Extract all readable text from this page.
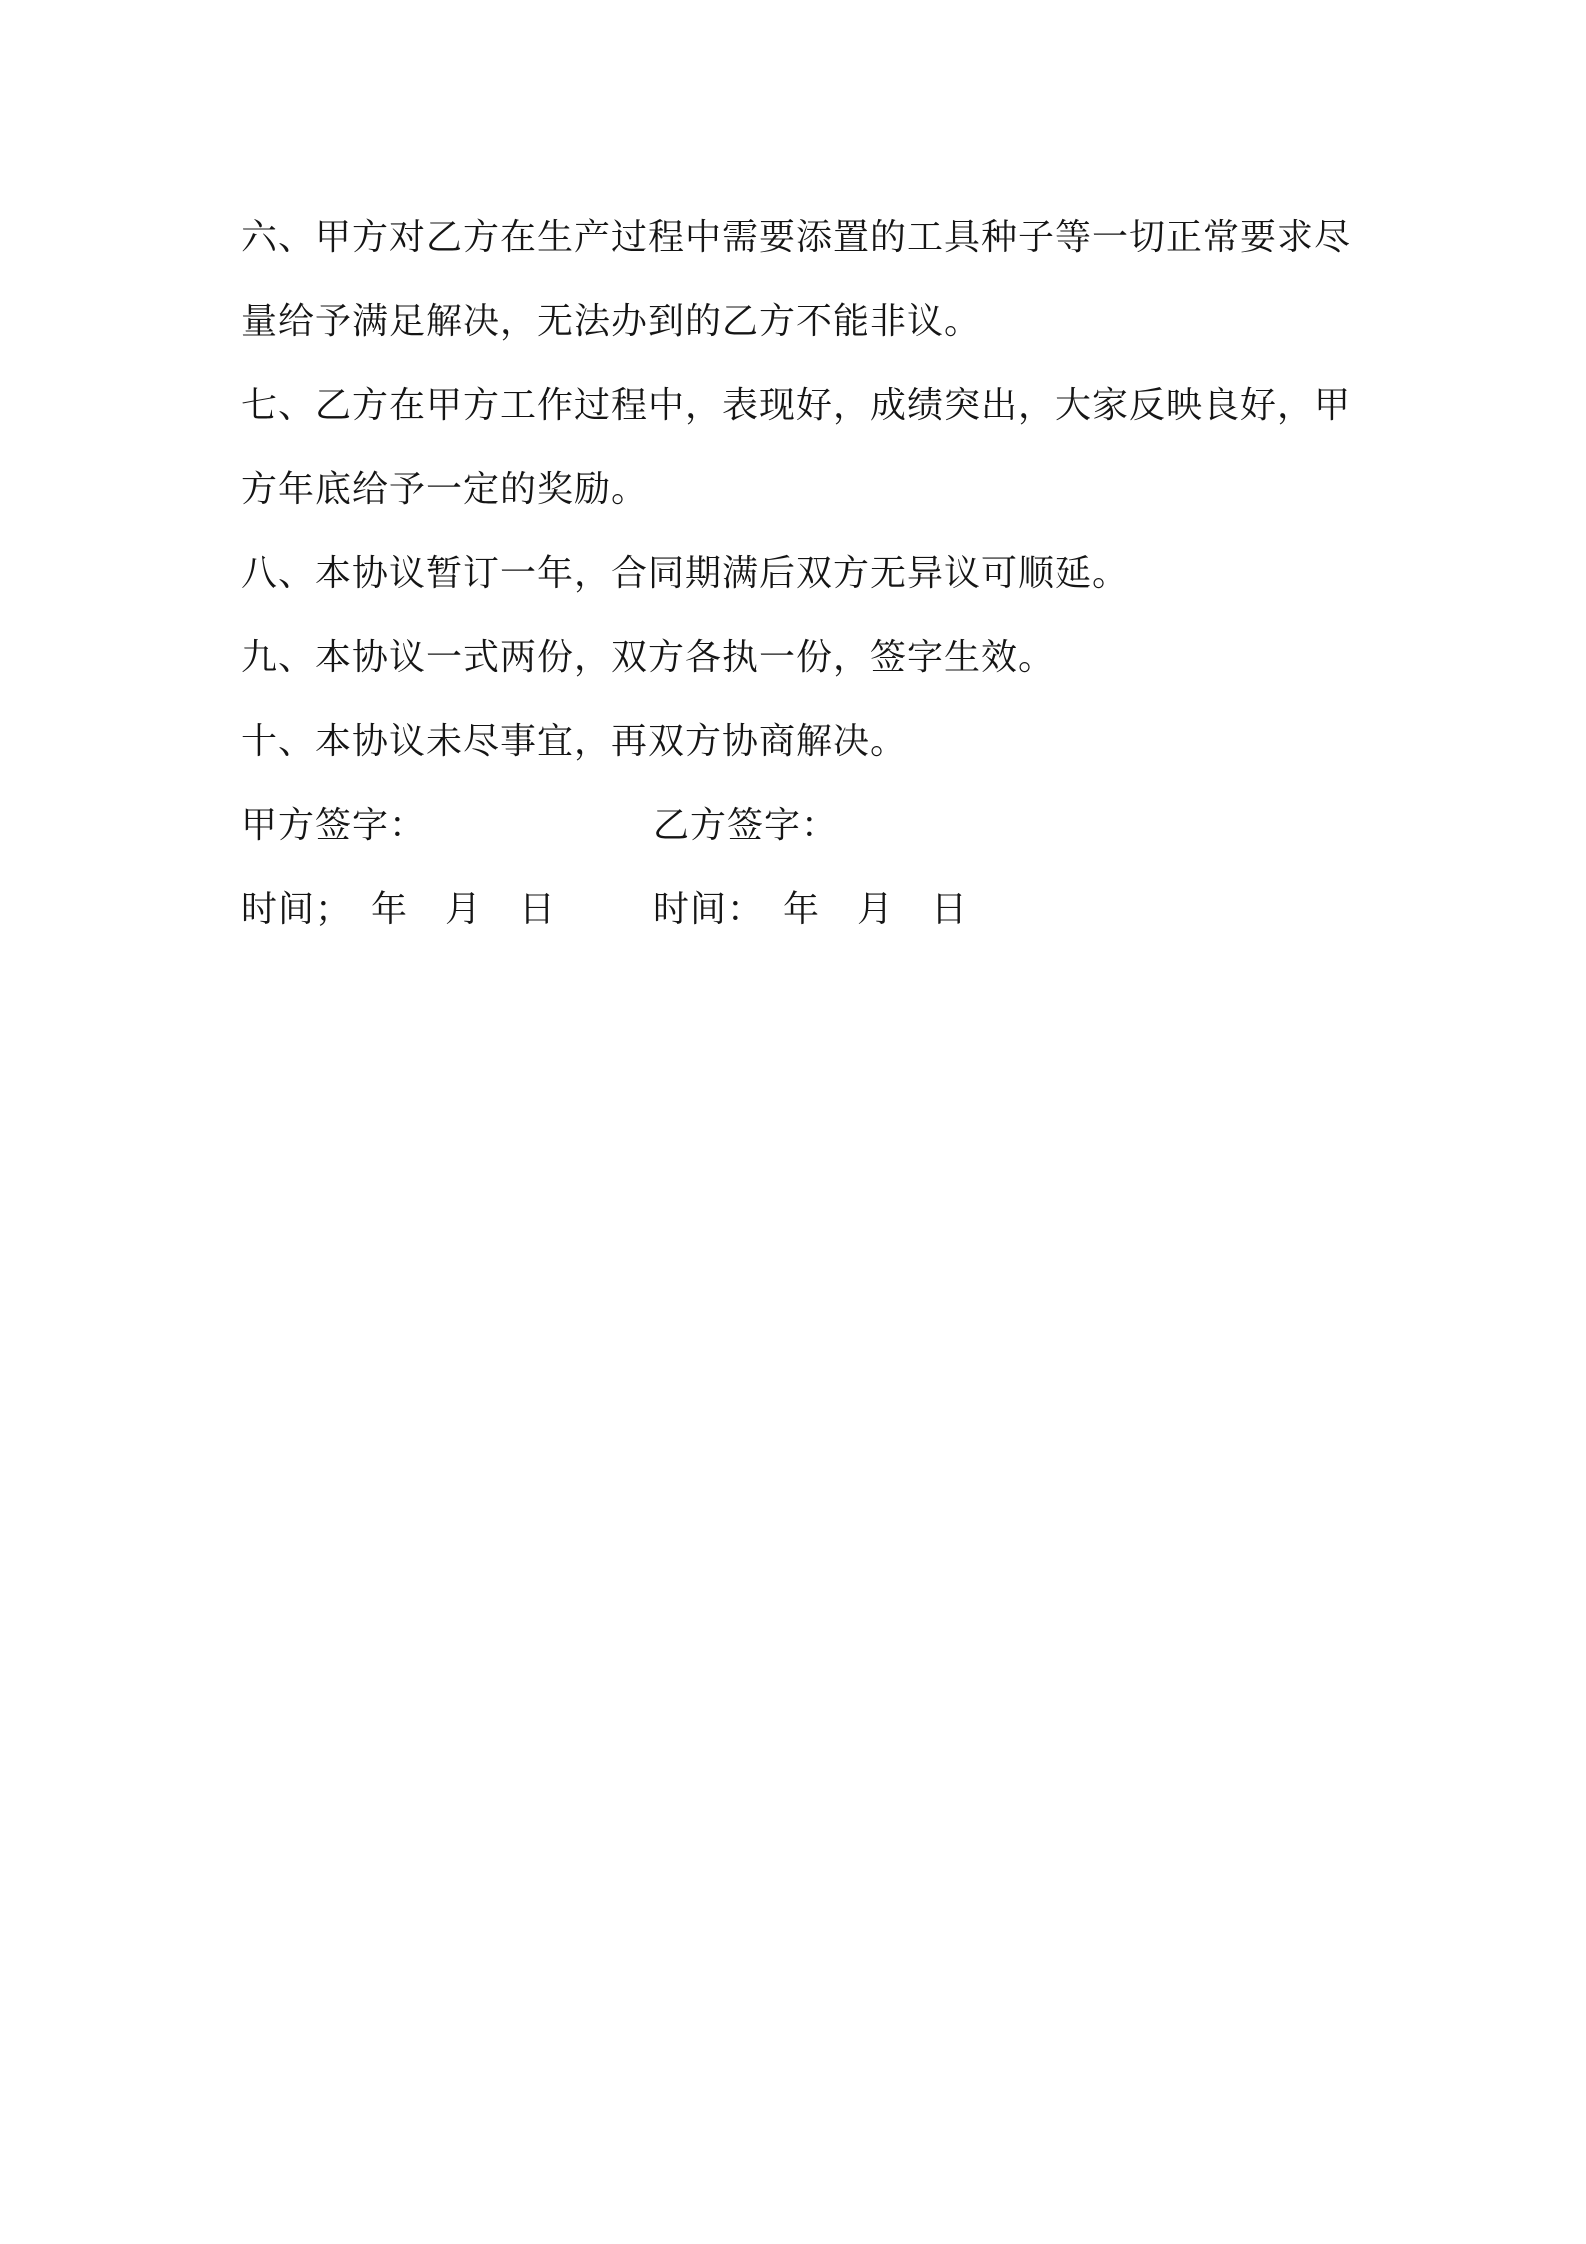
六、甲方对乙方在生产过程中需要添置的工具种子等一切正常要求尽

量给予满足解决，无法办到的乙方不能非议。

七、乙方在甲方工作过程中，表现好，成绩突出，大家反映良好，甲

方年底给予一定的奖励。

八、本协议暂订一年，合同期满后双方无异议可顺延。

九、本协议一式两份，双方各执一份，签字生效。

十、本协议未尽事宜，再双方协商解决。

甲方签字：	乙方签字：
时间；　年　月　日	时间：　年　月　日
